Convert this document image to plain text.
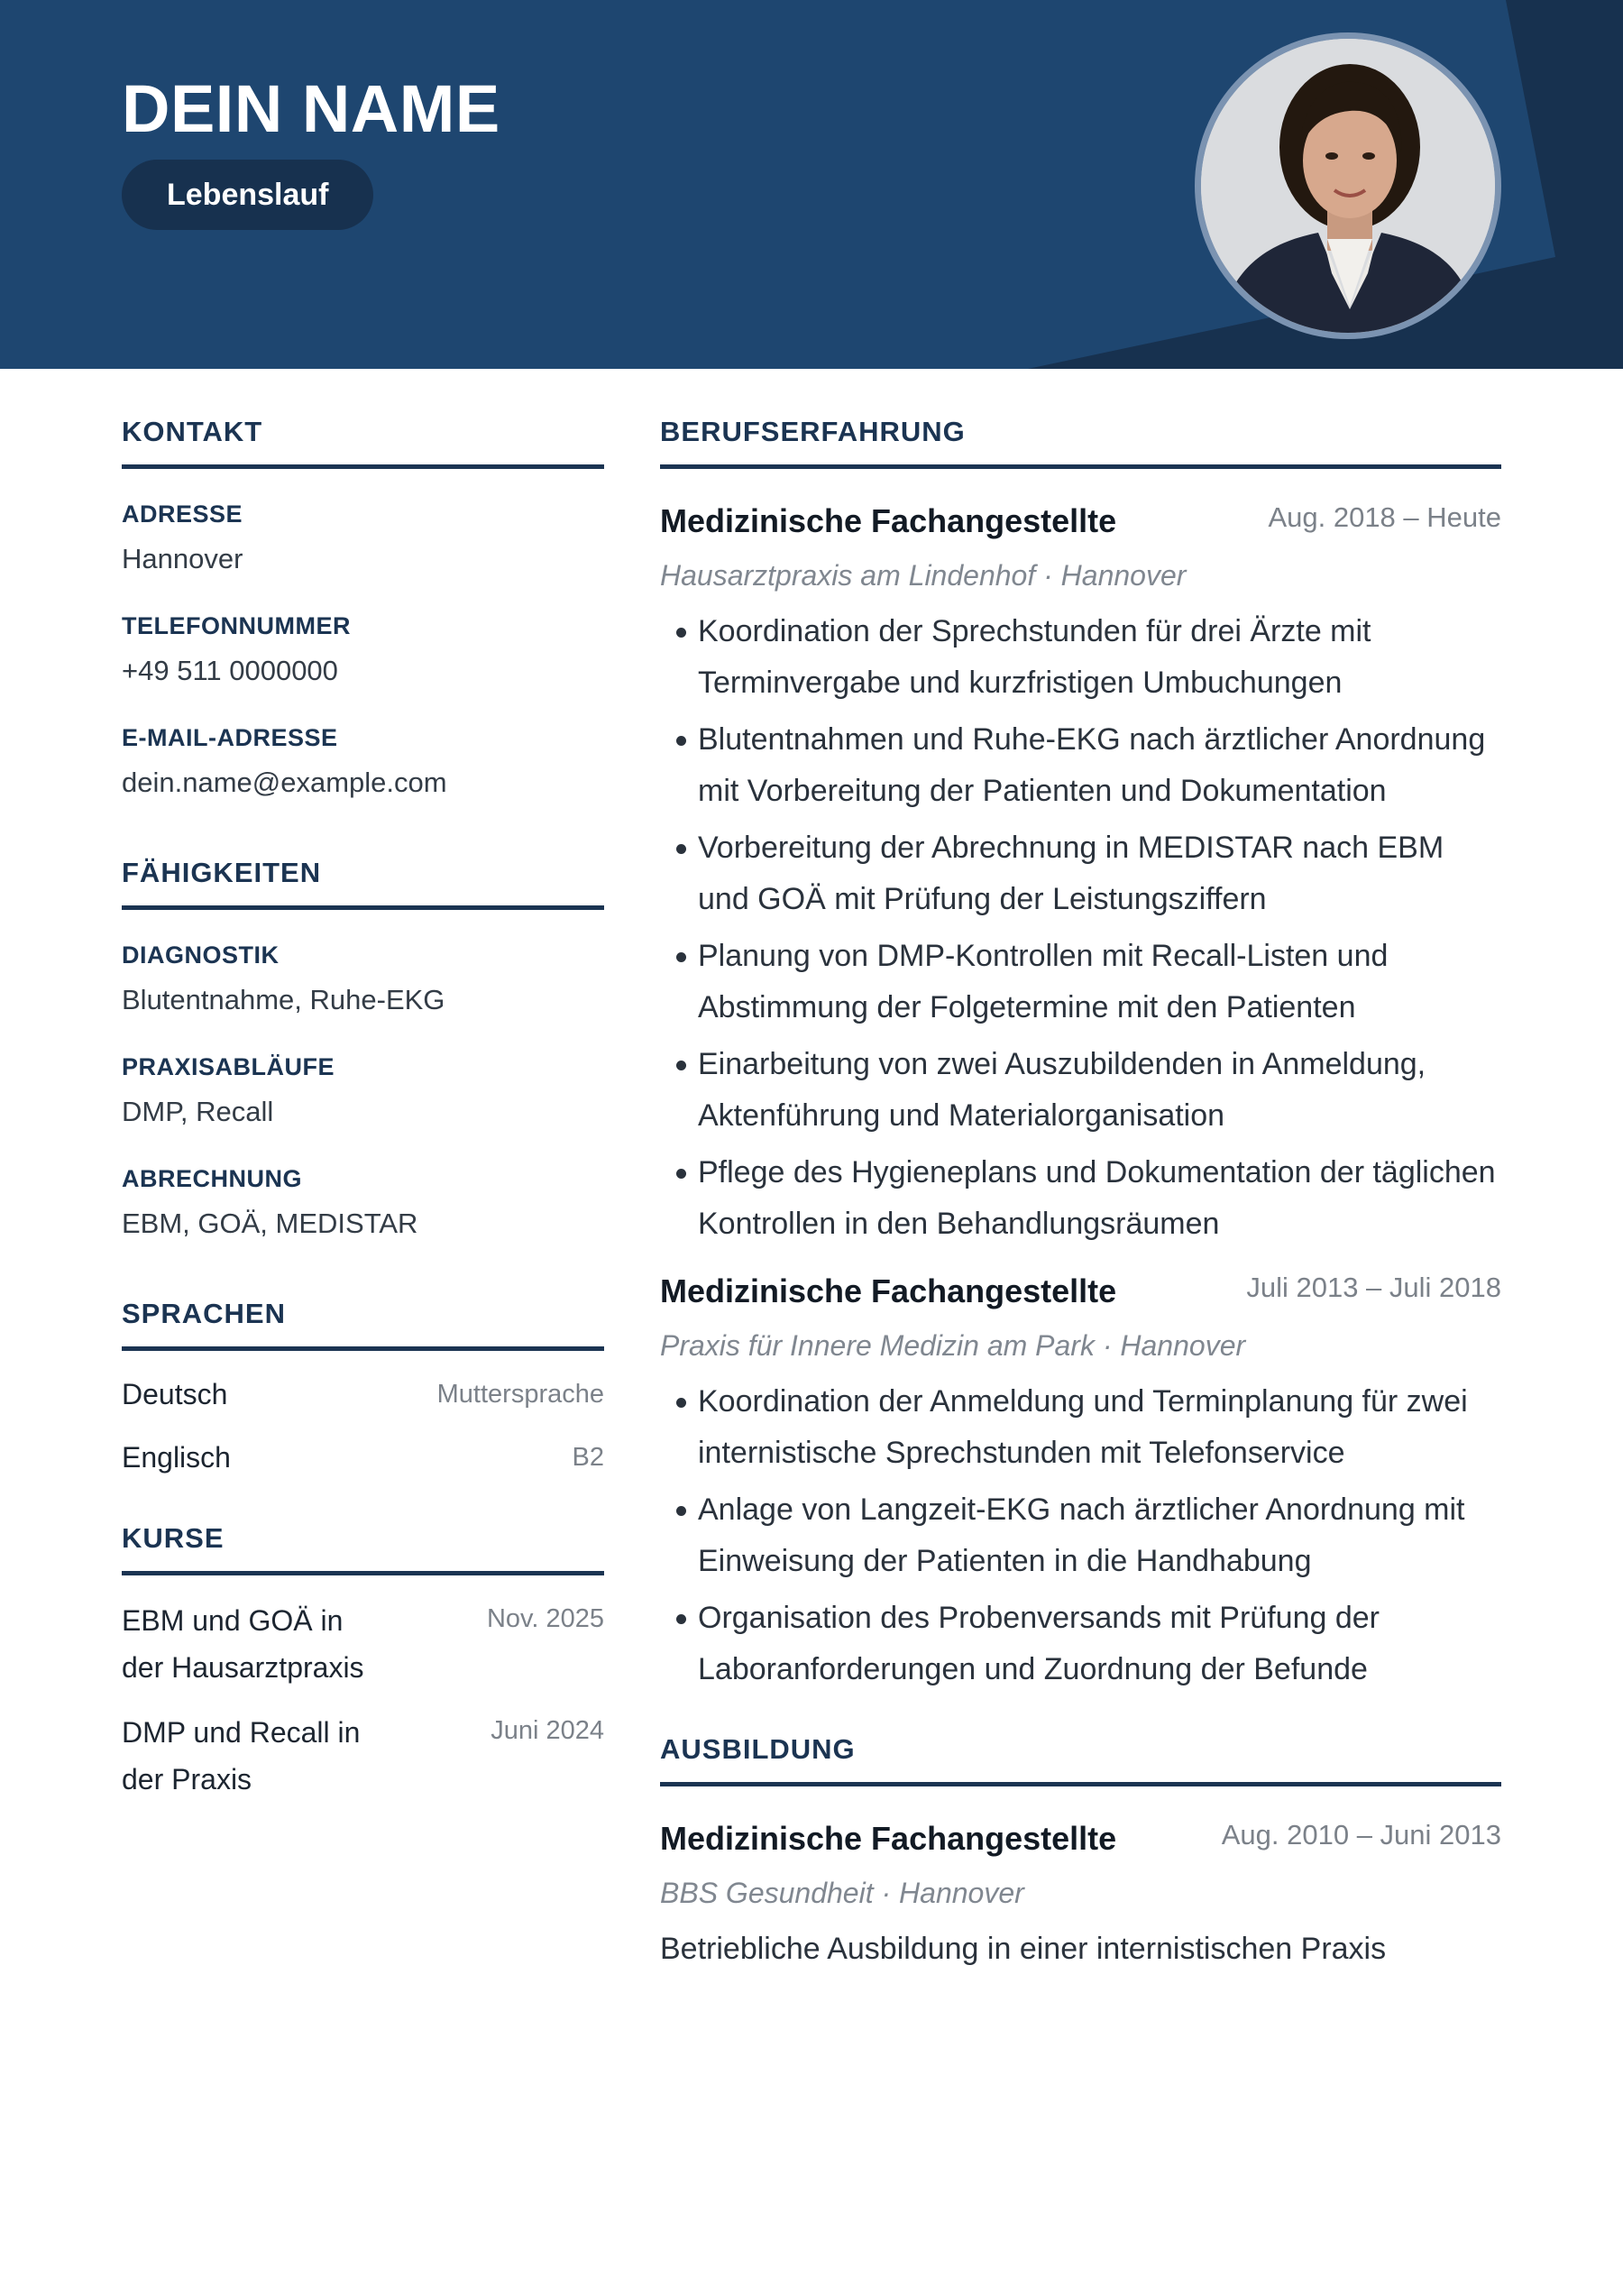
DEIN NAME
Lebenslauf
KONTAKT
ADRESSE
Hannover
TELEFONNUMMER
+49 511 0000000
E-MAIL-ADRESSE
dein.name@example.com
FÄHIGKEITEN
DIAGNOSTIK
Blutentnahme, Ruhe-EKG
PRAXISABLÄUFE
DMP, Recall
ABRECHNUNG
EBM, GOÄ, MEDISTAR
SPRACHEN
Deutsch	Muttersprache
Englisch	B2
KURSE
EBM und GOÄ in der Hausarztpraxis
Nov. 2025
DMP und Recall in der Praxis
Juni 2024
BERUFSERFAHRUNG
Medizinische Fachangestellte	Aug. 2018 – Heute
Hausarztpraxis am Lindenhof · Hannover
Koordination der Sprechstunden für drei Ärzte mit Terminvergabe und kurzfristigen Umbuchungen
Blutentnahmen und Ruhe-EKG nach ärztlicher Anordnung mit Vorbereitung der Patienten und Dokumentation
Vorbereitung der Abrechnung in MEDISTAR nach EBM und GOÄ mit Prüfung der Leistungsziffern
Planung von DMP-Kontrollen mit Recall-Listen und Abstimmung der Folgetermine mit den Patienten
Einarbeitung von zwei Auszubildenden in Anmeldung, Aktenführung und Materialorganisation
Pflege des Hygieneplans und Dokumentation der täglichen Kontrollen in den Behandlungsräumen
Medizinische Fachangestellte	Juli 2013 – Juli 2018
Praxis für Innere Medizin am Park · Hannover
Koordination der Anmeldung und Terminplanung für zwei internistische Sprechstunden mit Telefonservice
Anlage von Langzeit-EKG nach ärztlicher Anordnung mit Einweisung der Patienten in die Handhabung
Organisation des Probenversands mit Prüfung der Laboranforderungen und Zuordnung der Befunde
AUSBILDUNG
Medizinische Fachangestellte	Aug. 2010 – Juni 2013
BBS Gesundheit · Hannover
Betriebliche Ausbildung in einer internistischen Praxis
